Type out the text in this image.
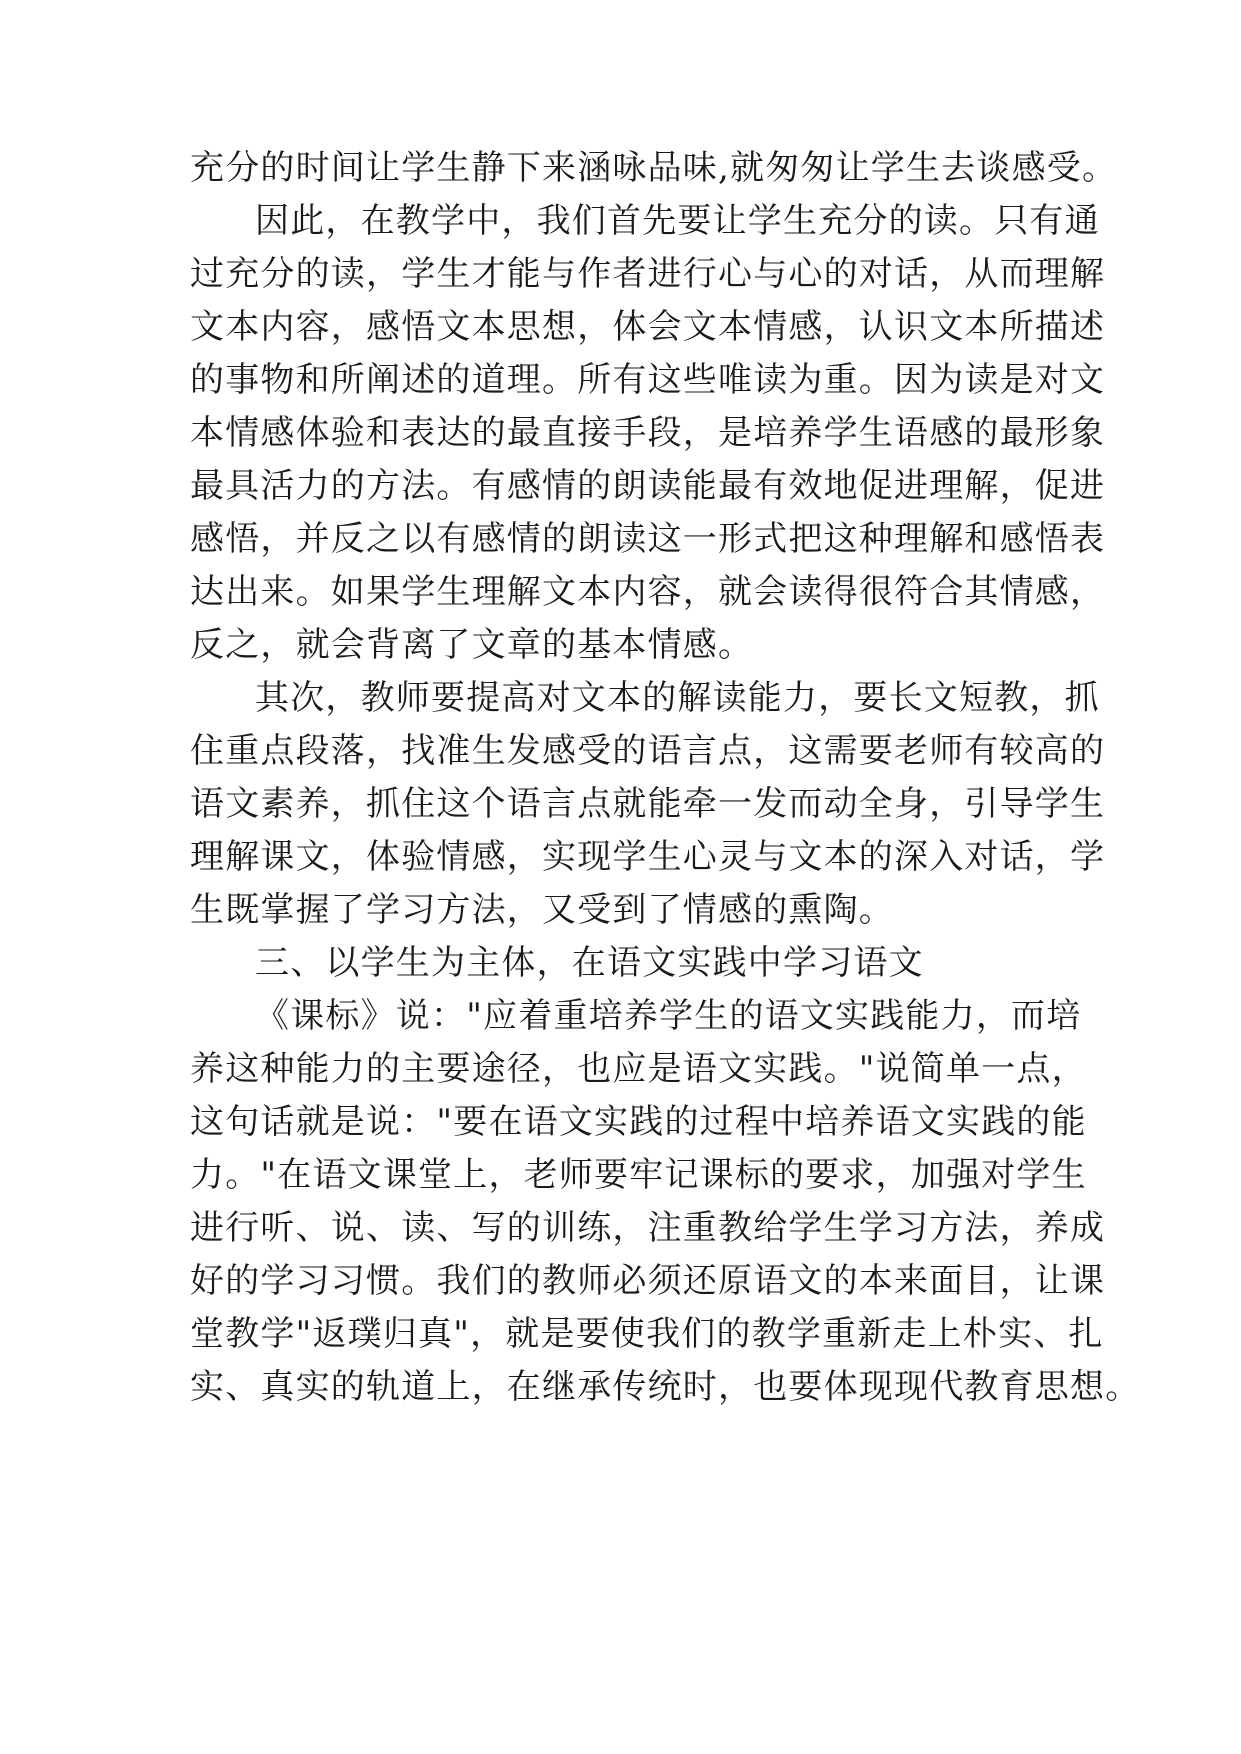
充分的时间让学生静下来涵咏品味,就匆匆让学生去谈感受。
因此，在教学中，我们首先要让学生充分的读。只有通
过充分的读，学生才能与作者进行心与心的对话，从而理解
文本内容，感悟文本思想，体会文本情感，认识文本所描述
的事物和所阐述的道理。所有这些唯读为重。因为读是对文
本情感体验和表达的最直接手段，是培养学生语感的最形象
最具活力的方法。有感情的朗读能最有效地促进理解，促进
感悟，并反之以有感情的朗读这一形式把这种理解和感悟表
达出来。如果学生理解文本内容，就会读得很符合其情感，
反之，就会背离了文章的基本情感。
其次，教师要提高对文本的解读能力，要长文短教，抓
住重点段落，找准生发感受的语言点，这需要老师有较高的
语文素养，抓住这个语言点就能牵一发而动全身，引导学生
理解课文，体验情感，实现学生心灵与文本的深入对话，学
生既掌握了学习方法，又受到了情感的熏陶。
三、以学生为主体，在语文实践中学习语文
《课标》说："应着重培养学生的语文实践能力，而培
养这种能力的主要途径，也应是语文实践。"说简单一点，
这句话就是说："要在语文实践的过程中培养语文实践的能
力。"在语文课堂上，老师要牢记课标的要求，加强对学生
进行听、说、读、写的训练，注重教给学生学习方法，养成
好的学习习惯。我们的教师必须还原语文的本来面目，让课
堂教学"返璞归真"，就是要使我们的教学重新走上朴实、扎
实、真实的轨道上，在继承传统时，也要体现现代教育思想。
